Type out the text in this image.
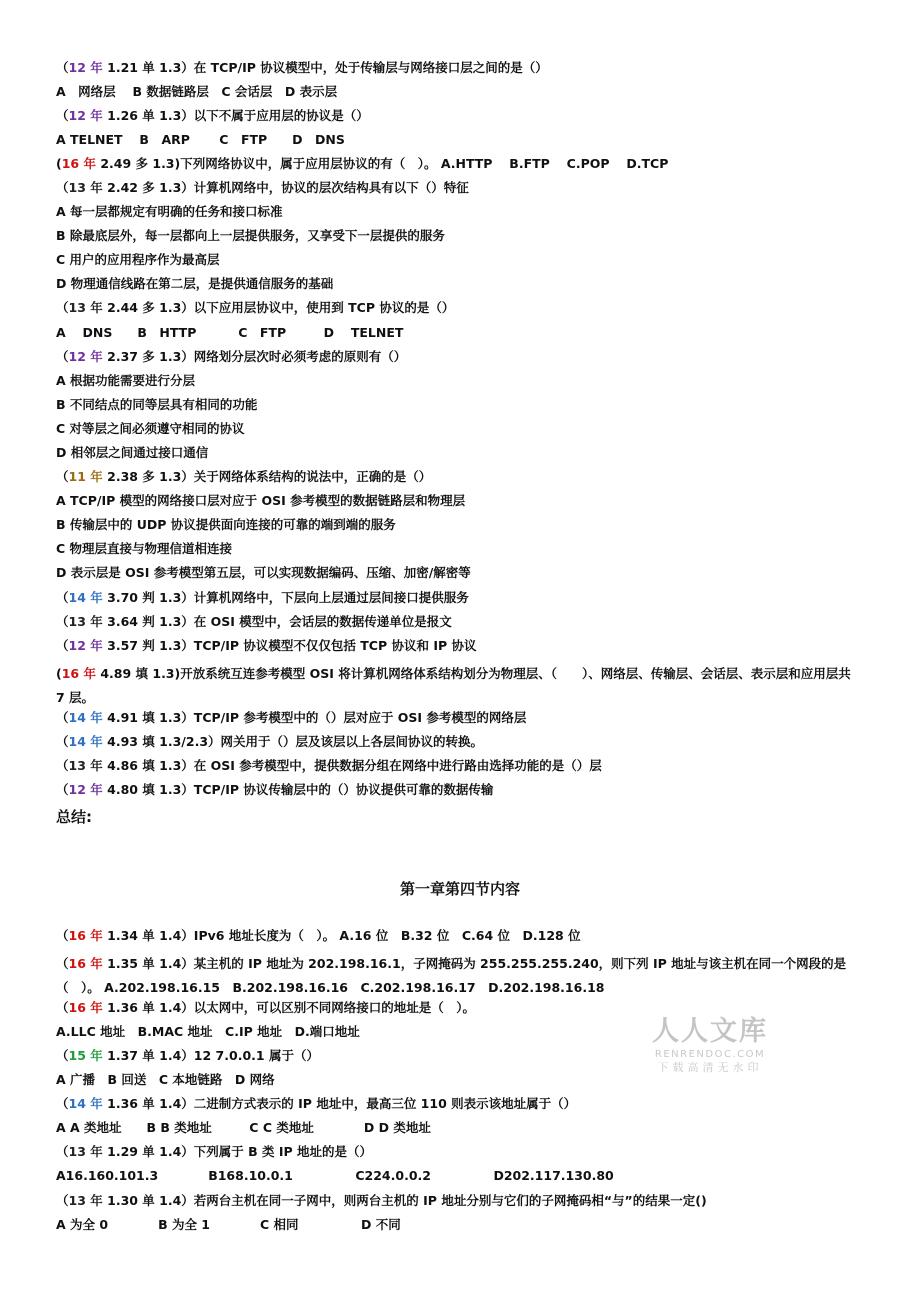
（12 年 1.21 单 1.3）在 TCP/IP 协议模型中，处于传输层与网络接口层之间的是（）
A　网络层　 B 数据链路层　C 会话层　D 表示层
（12 年 1.26 单 1.3）以下不属于应用层的协议是（）
A TELNET　 B　ARP　　 C　FTP　　D　DNS
(16 年 2.49 多 1.3)下列网络协议中，属于应用层协议的有（　）。 A.HTTP　 B.FTP　 C.POP　 D.TCP
（13 年 2.42 多 1.3）计算机网络中，协议的层次结构具有以下（）特征
A 每一层都规定有明确的任务和接口标准
B 除最底层外，每一层都向上一层提供服务，又享受下一层提供的服务
C 用户的应用程序作为最高层
D 物理通信线路在第二层，是提供通信服务的基础
（13 年 2.44 多 1.3）以下应用层协议中，使用到 TCP 协议的是（）
A　 DNS　　B　HTTP　　　 C　FTP　　　D　 TELNET
（12 年 2.37 多 1.3）网络划分层次时必须考虑的原则有（）
A 根据功能需要进行分层
B 不同结点的同等层具有相同的功能
C 对等层之间必须遵守相同的协议
D 相邻层之间通过接口通信
（11 年 2.38 多 1.3）关于网络体系结构的说法中，正确的是（）
A TCP/IP 模型的网络接口层对应于 OSI 参考模型的数据链路层和物理层
B 传输层中的 UDP 协议提供面向连接的可靠的端到端的服务
C 物理层直接与物理信道相连接
D 表示层是 OSI 参考模型第五层，可以实现数据编码、压缩、加密/解密等
（14 年 3.70 判 1.3）计算机网络中，下层向上层通过层间接口提供服务
（13 年 3.64 判 1.3）在 OSI 模型中，会话层的数据传递单位是报文
（12 年 3.57 判 1.3）TCP/IP 协议模型不仅仅包括 TCP 协议和 IP 协议
(16 年 4.89 填 1.3)开放系统互连参考模型 OSI 将计算机网络体系结构划分为物理层、（　　）、网络层、传输层、会话层、表示层和应用层共 7 层。
（14 年 4.91 填 1.3）TCP/IP 参考模型中的（）层对应于 OSI 参考模型的网络层
（14 年 4.93 填 1.3/2.3）网关用于（）层及该层以上各层间协议的转换。
（13 年 4.86 填 1.3）在 OSI 参考模型中，提供数据分组在网络中进行路由选择功能的是（）层
（12 年 4.80 填 1.3）TCP/IP 协议传输层中的（）协议提供可靠的数据传输
总结:
第一章第四节内容
（16 年 1.34 单 1.4）IPv6 地址长度为（　）。 A.16 位　B.32 位　C.64 位　D.128 位
（16 年 1.35 单 1.4）某主机的 IP 地址为 202.198.16.1，子网掩码为 255.255.255.240，则下列 IP 地址与该主机在同一个网段的是（　）。 A.202.198.16.15　B.202.198.16.16　C.202.198.16.17　D.202.198.16.18
（16 年 1.36 单 1.4）以太网中，可以区别不同网络接口的地址是（　）。
A.LLC 地址　B.MAC 地址　C.IP 地址　D.端口地址
（15 年 1.37 单 1.4）12 7.0.0.1 属于（）
A 广播　B 回送　C 本地链路　D 网络
（14 年 1.36 单 1.4）二进制方式表示的 IP 地址中，最高三位 110 则表示该地址属于（）
A A 类地址　　B B 类地址　　　C C 类地址　　　　D D 类地址
（13 年 1.29 单 1.4）下列属于 B 类 IP 地址的是（）
A16.160.101.3　　　　B168.10.0.1　　　　　C224.0.0.2　　　　　D202.117.130.80
（13 年 1.30 单 1.4）若两台主机在同一子网中，则两台主机的 IP 地址分别与它们的子网掩码相“与”的结果一定()
A 为全 0　　　　B 为全 1　　　　C 相同　　　　　D 不同
人人文库
RENRENDOC.COM
下载高清无水印
